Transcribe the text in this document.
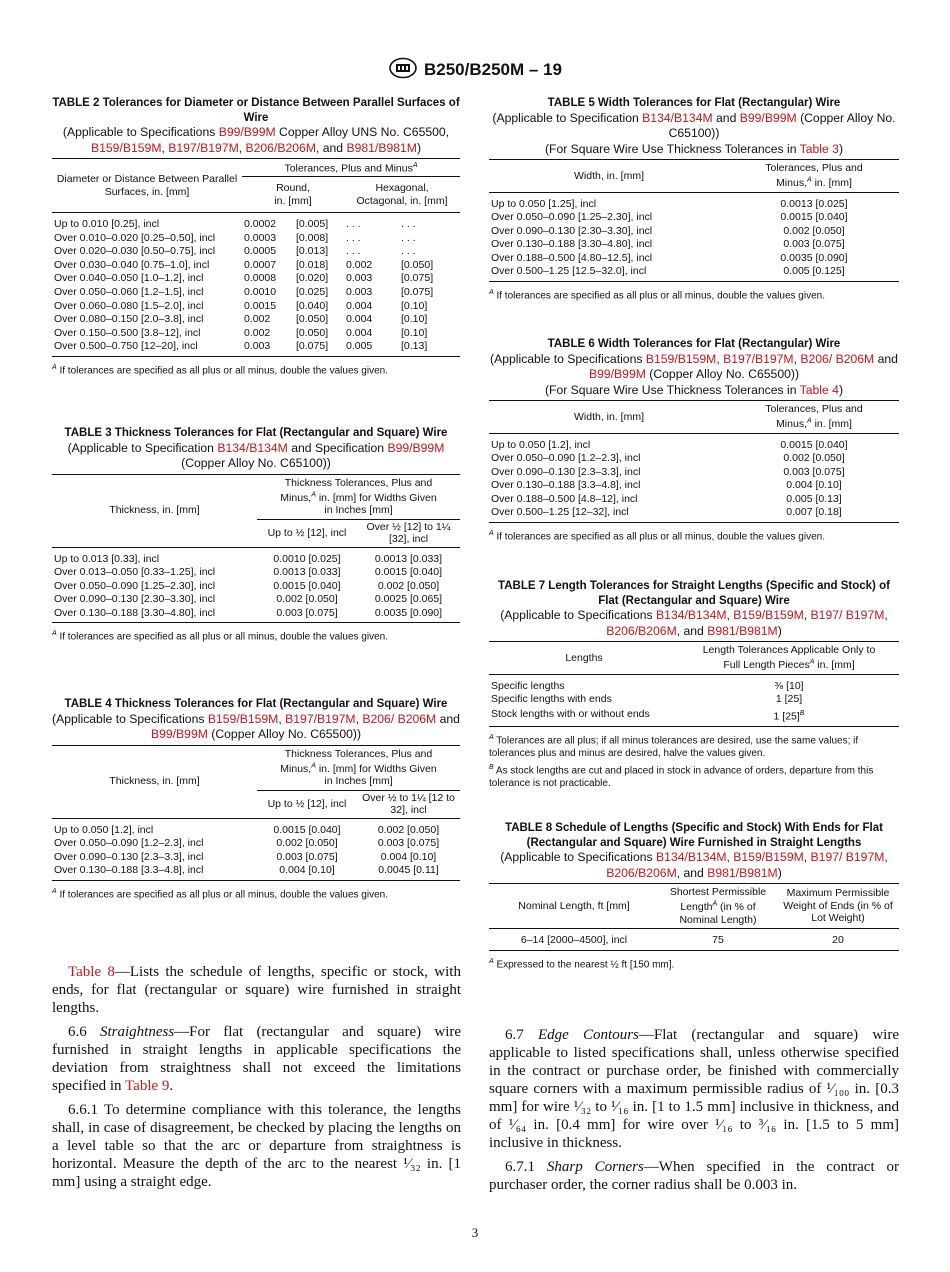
B250/B250M – 19
TABLE 2 Tolerances for Diameter or Distance Between Parallel Surfaces of Wire
(Applicable to Specifications B99/B99M Copper Alloy UNS No. C65500, B159/B159M, B197/B197M, B206/B206M, and B981/B981M)
Diameter or Distance Between Parallel Surfaces, in. [mm]	Tolerances, Plus and Minus$^A$
	Round, in. [mm]		Hexagonal, Octagonal, in. [mm]	
Up to 0.010 [0.25], incl	0.0002	[0.005]	. . .	. . .
Over 0.010–0.020 [0.25–0.50], incl	0.0003	[0.008]	. . .	. . .
Over 0.020–0.030 [0.50–0.75], incl	0.0005	[0.013]	. . .	. . .
Over 0.030–0.040 [0.75–1.0], incl	0.0007	[0.018]	0.002	[0.050]
Over 0.040–0.050 [1.0–1.2], incl	0.0008	[0.020]	0.003	[0.075]
Over 0.050–0.060 [1.2–1.5], incl	0.0010	[0.025]	0.003	[0.075]
Over 0.060–0.080 [1.5–2.0], incl	0.0015	[0.040]	0.004	[0.10]
Over 0.080–0.150 [2.0–3.8], incl	0.002	[0.050]	0.004	[0.10]
Over 0.150–0.500 [3.8–12], incl	0.002	[0.050]	0.004	[0.10]
Over 0.500–0.750 [12–20], incl	0.003	[0.075]	0.005	[0.13]
$^A$ If tolerances are specified as all plus or all minus, double the values given.
TABLE 3 Thickness Tolerances for Flat (Rectangular and Square) Wire
(Applicable to Specification B134/B134M and Specification B99/B99M
(Copper Alloy No. C65100))
Thickness, in. [mm]	Thickness Tolerances, Plus and Minus,$^A$ in. [mm] for Widths Given in Inches [mm]	
	Up to ½ [12], incl	Over ½ [12] to 1¼ [32], incl
Up to 0.013 [0.33], incl	0.0010 [0.025]	0.0013 [0.033]
Over 0.013–0.050 [0.33–1.25], incl	0.0013 [0.033]	0.0015 [0.040]
Over 0.050–0.090 [1.25–2.30], incl	0.0015 [0.040]	0.002 [0.050]
Over 0.090–0.130 [2.30–3.30], incl	0.002 [0.050]	0.0025 [0.065]
Over 0.130–0.188 [3.30–4.80], incl	0.003 [0.075]	0.0035 [0.090]
$^A$ If tolerances are specified as all plus or all minus, double the values given.
TABLE 4 Thickness Tolerances for Flat (Rectangular and Square) Wire
(Applicable to Specifications B159/B159M, B197/B197M, B206/ B206M and B99/B99M (Copper Alloy No. C65500))
Thickness, in. [mm]	Thickness Tolerances, Plus and Minus,$^A$ in. [mm] for Widths Given in Inches [mm]	
	Up to ½ [12], incl	Over ½ to 1¼ [12 to 32], incl
Up to 0.050 [1.2], incl	0.0015 [0.040]	0.002 [0.050]
Over 0.050–0.090 [1.2–2.3], incl	0.002 [0.050]	0.003 [0.075]
Over 0.090–0.130 [2.3–3.3], incl	0.003 [0.075]	0.004 [0.10]
Over 0.130–0.188 [3.3–4.8], incl	0.004 [0.10]	0.0045 [0.11]
$^A$ If tolerances are specified as all plus or all minus, double the values given.
TABLE 5 Width Tolerances for Flat (Rectangular) Wire
(Applicable to Specification B134/B134M and B99/B99M (Copper Alloy No. C65100))
(For Square Wire Use Thickness Tolerances in Table 3)
Width, in. [mm]	Tolerances, Plus and Minus,$^A$ in. [mm]
Up to 0.050 [1.25], incl	0.0013 [0.025]
Over 0.050–0.090 [1.25–2.30], incl	0.0015 [0.040]
Over 0.090–0.130 [2.30–3.30], incl	0.002 [0.050]
Over 0.130–0.188 [3.30–4.80], incl	0.003 [0.075]
Over 0.188–0.500 [4.80–12.5], incl	0.0035 [0.090]
Over 0.500–1.25 [12.5–32.0], incl	0.005 [0.125]
$^A$ If tolerances are specified as all plus or all minus, double the values given.
TABLE 6 Width Tolerances for Flat (Rectangular) Wire
(Applicable to Specifications B159/B159M, B197/B197M, B206/ B206M and B99/B99M (Copper Alloy No. C65500))
(For Square Wire Use Thickness Tolerances in Table 4)
Width, in. [mm]	Tolerances, Plus and Minus,$^A$ in. [mm]
Up to 0.050 [1.2], incl	0.0015 [0.040]
Over 0.050–0.090 [1.2–2.3], incl	0.002 [0.050]
Over 0.090–0.130 [2.3–3.3], incl	0.003 [0.075]
Over 0.130–0.188 [3.3–4.8], incl	0.004 [0.10]
Over 0.188–0.500 [4.8–12], incl	0.005 [0.13]
Over 0.500–1.25 [12–32], incl	0.007 [0.18]
$^A$ If tolerances are specified as all plus or all minus, double the values given.
TABLE 7 Length Tolerances for Straight Lengths (Specific and Stock) of Flat (Rectangular and Square) Wire
(Applicable to Specifications B134/B134M, B159/B159M, B197/ B197M, B206/B206M, and B981/B981M)
Lengths	Length Tolerances Applicable Only to Full Length Pieces$^A$ in. [mm]
Specific lengths	⅜ [10]
Specific lengths with ends	1 [25]
Stock lengths with or without ends	1 $[25]^B$
$^A$ Tolerances are all plus; if all minus tolerances are desired, use the same values; if tolerances plus and minus are desired, halve the values given.
$^B$ As stock lengths are cut and placed in stock in advance of orders, departure from this tolerance is not practicable.
TABLE 8 Schedule of Lengths (Specific and Stock) With Ends for Flat (Rectangular and Square) Wire Furnished in Straight Lengths
(Applicable to Specifications B134/B134M, B159/B159M, B197/ B197M, B206/B206M, and B981/B981M)
Nominal Length, ft [mm]	Shortest Permissible Length$^A$ (in % of Nominal Length)	Maximum Permissible Weight of Ends (in % of Lot Weight)
6–14 [2000–4500], incl	75	20
$^A$ Expressed to the nearest ½ ft [150 mm].

Table 8—Lists the schedule of lengths, specific or stock, with ends, for flat (rectangular or square) wire furnished in straight lengths.

6.6 Straightness—For flat (rectangular and square) wire furnished in straight lengths in applicable specifications the deviation from straightness shall not exceed the limitations specified in Table 9.

6.6.1 To determine compliance with this tolerance, the lengths shall, in case of disagreement, be checked by placing the lengths on a level table so that the arc or departure from straightness is horizontal. Measure the depth of the arc to the nearest ¹⁄₃₂ in. [1 mm] using a straight edge.

6.7 Edge Contours—Flat (rectangular and square) wire applicable to listed specifications shall, unless otherwise specified in the contract or purchase order, be finished with commercially square corners with a maximum permissible radius of ¹⁄₁₀₀ in. [0.3 mm] for wire ¹⁄₃₂ to ¹⁄₁₆ in. [1 to 1.5 mm] inclusive in thickness, and of ¹⁄₆₄ in. [0.4 mm] for wire over ¹⁄₁₆ to ³⁄₁₆ in. [1.5 to 5 mm] inclusive in thickness.

6.7.1 Sharp Corners—When specified in the contract or purchaser order, the corner radius shall be 0.003 in.

3
